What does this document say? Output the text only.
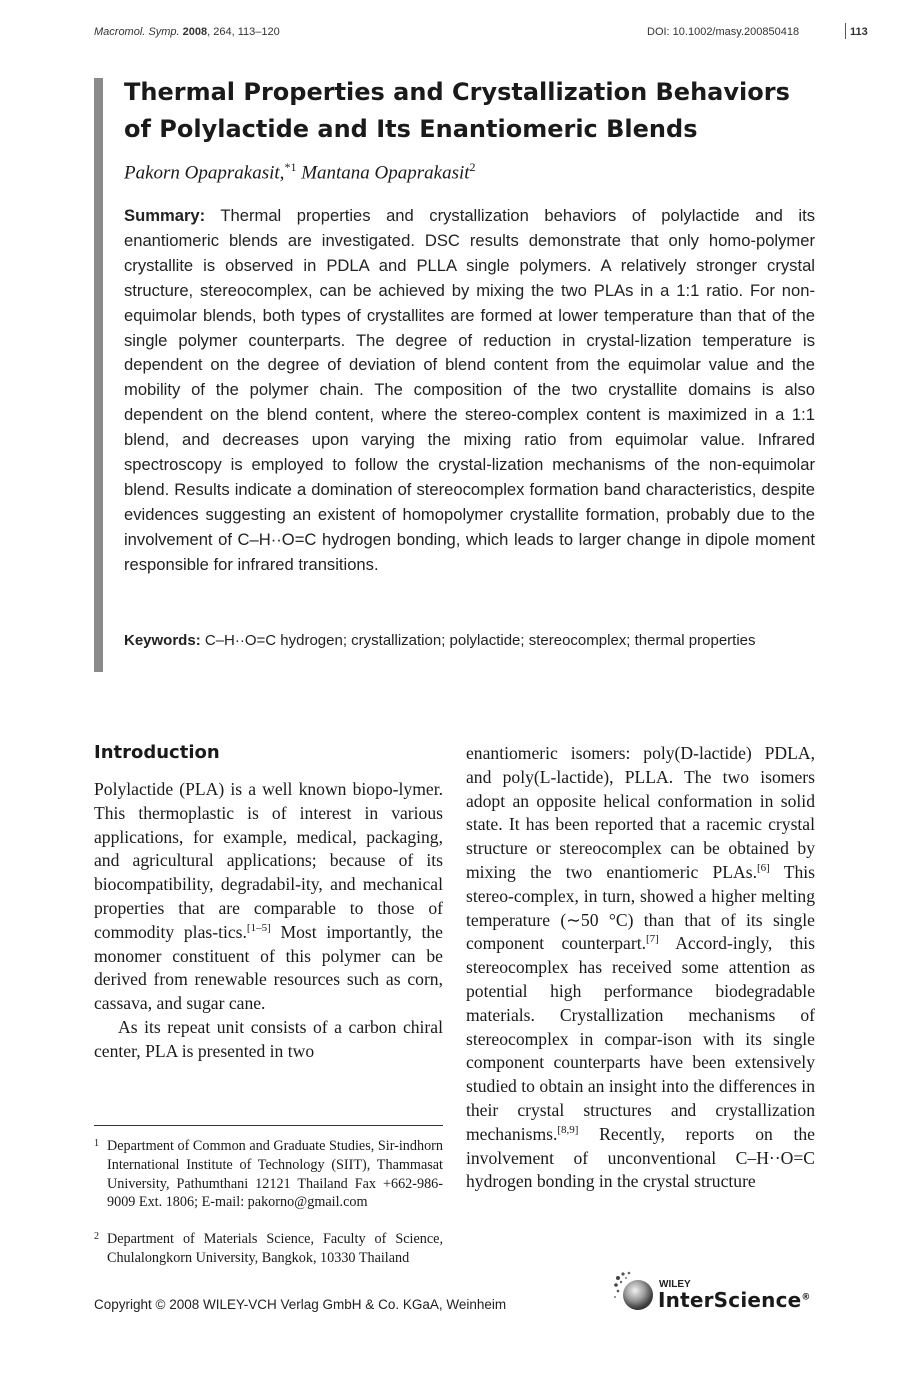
Macromol. Symp. 2008, 264, 113–120	DOI: 10.1002/masy.200850418	113
Thermal Properties and Crystallization Behaviors of Polylactide and Its Enantiomeric Blends
Pakorn Opaprakasit,$^{*1}$ Mantana Opaprakasit$^2$

Summary: Thermal properties and crystallization behaviors of polylactide and its enantiomeric blends are investigated. DSC results demonstrate that only homo-polymer crystallite is observed in PDLA and PLLA single polymers. A relatively stronger crystal structure, stereocomplex, can be achieved by mixing the two PLAs in a 1:1 ratio. For non-equimolar blends, both types of crystallites are formed at lower temperature than that of the single polymer counterparts. The degree of reduction in crystal-lization temperature is dependent on the degree of deviation of blend content from the equimolar value and the mobility of the polymer chain. The composition of the two crystallite domains is also dependent on the blend content, where the stereo-complex content is maximized in a 1:1 blend, and decreases upon varying the mixing ratio from equimolar value. Infrared spectroscopy is employed to follow the crystal-lization mechanisms of the non-equimolar blend. Results indicate a domination of stereocomplex formation band characteristics, despite evidences suggesting an existent of homopolymer crystallite formation, probably due to the involvement of C–H··O=C hydrogen bonding, which leads to larger change in dipole moment responsible for infrared transitions.

Keywords: C–H··O=C hydrogen; crystallization; polylactide; stereocomplex; thermal properties

Introduction

Polylactide (PLA) is a well known biopo-lymer. This thermoplastic is of interest in various applications, for example, medical, packaging, and agricultural applications; because of its biocompatibility, degradabil-ity, and mechanical properties that are comparable to those of commodity plas-tics.[1–5] Most importantly, the monomer constituent of this polymer can be derived from renewable resources such as corn, cassava, and sugar cane.

As its repeat unit consists of a carbon chiral center, PLA is presented in two

enantiomeric isomers: poly(D-lactide) PDLA, and poly(L-lactide), PLLA. The two isomers adopt an opposite helical conformation in solid state. It has been reported that a racemic crystal structure or stereocomplex can be obtained by mixing the two enantiomeric PLAs.[6] This stereo-complex, in turn, showed a higher melting temperature (∼50 °C) than that of its single component counterpart.[7] Accord-ingly, this stereocomplex has received some attention as potential high performance biodegradable materials. Crystallization mechanisms of stereocomplex in compar-ison with its single component counterparts have been extensively studied to obtain an insight into the differences in their crystal structures and crystallization mechanisms.[8,9] Recently, reports on the involvement of unconventional C–H··O=C hydrogen bonding in the crystal structure

1 Department of Common and Graduate Studies, Sir-indhorn International Institute of Technology (SIIT), Thammasat University, Pathumthani 12121 Thailand Fax +662-986-9009 Ext. 1806; E-mail: pakorno@gmail.com
2 Department of Materials Science, Faculty of Science, Chulalongkorn University, Bangkok, 10330 Thailand
Copyright © 2008 WILEY-VCH Verlag GmbH & Co. KGaA, Weinheim
WILEY
InterScience®
